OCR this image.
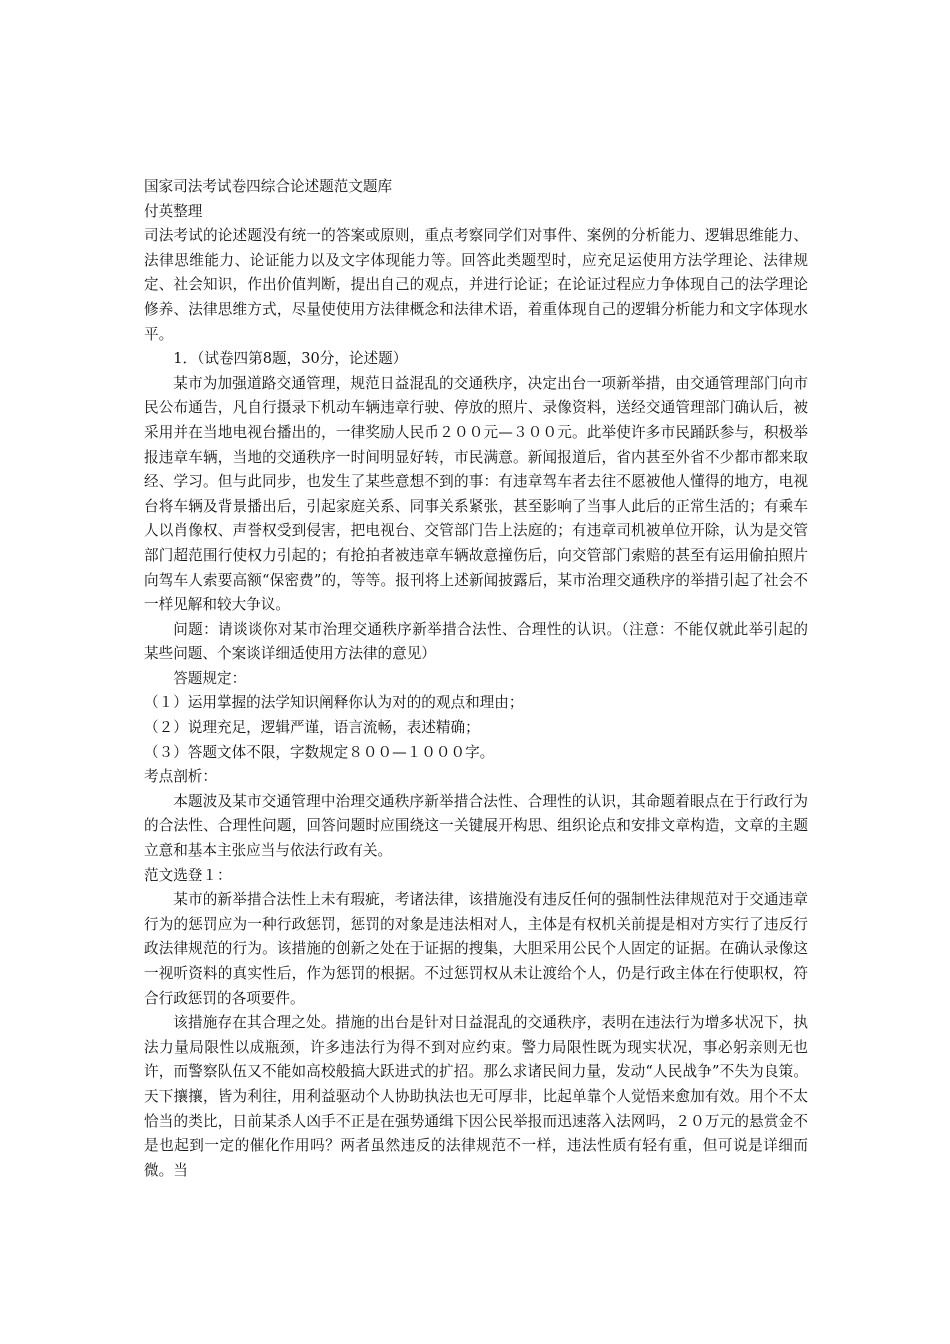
国家司法考试卷四综合论述题范文题库

付英整理

司法考试的论述题没有统一的答案或原则，重点考察同学们对事件、案例的分析能力、逻辑思维能力、法律思维能力、论证能力以及文字体现能力等。回答此类题型时，应充足运使用方法学理论、法律规定、社会知识，作出价值判断，提出自己的观点，并进行论证；在论证过程应力争体现自己的法学理论修养、法律思维方式，尽量使使用方法律概念和法律术语，着重体现自己的逻辑分析能力和文字体现水平。

1．（试卷四第8题，30分，论述题）

某市为加强道路交通管理，规范日益混乱的交通秩序，决定出台一项新举措，由交通管理部门向市民公布通告，凡自行摄录下机动车辆违章行驶、停放的照片、录像资料，送经交通管理部门确认后，被采用并在当地电视台播出的，一律奖励人民币２００元—３００元。此举使许多市民踊跃参与，积极举报违章车辆，当地的交通秩序一时间明显好转，市民满意。新闻报道后，省内甚至外省不少都市都来取经、学习。但与此同步，也发生了某些意想不到的事：有违章驾车者去往不愿被他人懂得的地方，电视台将车辆及背景播出后，引起家庭关系、同事关系紧张，甚至影响了当事人此后的正常生活的；有乘车人以肖像权、声誉权受到侵害，把电视台、交管部门告上法庭的；有违章司机被单位开除，认为是交管部门超范围行使权力引起的；有抢拍者被违章车辆故意撞伤后，向交管部门索赔的甚至有运用偷拍照片向驾车人索要高额“保密费”的，等等。报刊将上述新闻披露后，某市治理交通秩序的举措引起了社会不一样见解和较大争议。

问题：请谈谈你对某市治理交通秩序新举措合法性、合理性的认识。（注意：不能仅就此举引起的某些问题、个案谈详细适使用方法律的意见）

答题规定：

（１）运用掌握的法学知识阐释你认为对的的观点和理由；

（２）说理充足，逻辑严谨，语言流畅，表述精确；

（３）答题文体不限，字数规定８００—１０００字。

考点剖析：

本题波及某市交通管理中治理交通秩序新举措合法性、合理性的认识，其命题着眼点在于行政行为的合法性、合理性问题，回答问题时应围绕这一关键展开构思、组织论点和安排文章构造，文章的主题立意和基本主张应当与依法行政有关。

范文选登１：

某市的新举措合法性上未有瑕疵，考诸法律，该措施没有违反任何的强制性法律规范对于交通违章行为的惩罚应为一种行政惩罚，惩罚的对象是违法相对人，主体是有权机关前提是相对方实行了违反行政法律规范的行为。该措施的创新之处在于证据的搜集，大胆采用公民个人固定的证据。在确认录像这一视听资料的真实性后，作为惩罚的根据。不过惩罚权从未让渡给个人，仍是行政主体在行使职权，符合行政惩罚的各项要件。

该措施存在其合理之处。措施的出台是针对日益混乱的交通秩序，表明在违法行为增多状况下，执法力量局限性以成瓶颈，许多违法行为得不到对应约束。警力局限性既为现实状况，事必躬亲则无也许，而警察队伍又不能如高校般搞大跃进式的扩招。那么求诸民间力量，发动“人民战争”不失为良策。天下攘攘，皆为利往，用利益驱动个人协助执法也无可厚非，比起单靠个人觉悟来愈加有效。用个不太恰当的类比，日前某杀人凶手不正是在强势通缉下因公民举报而迅速落入法网吗，２０万元的悬赏金不是也起到一定的催化作用吗？两者虽然违反的法律规范不一样，违法性质有轻有重，但可说是详细而微。当
